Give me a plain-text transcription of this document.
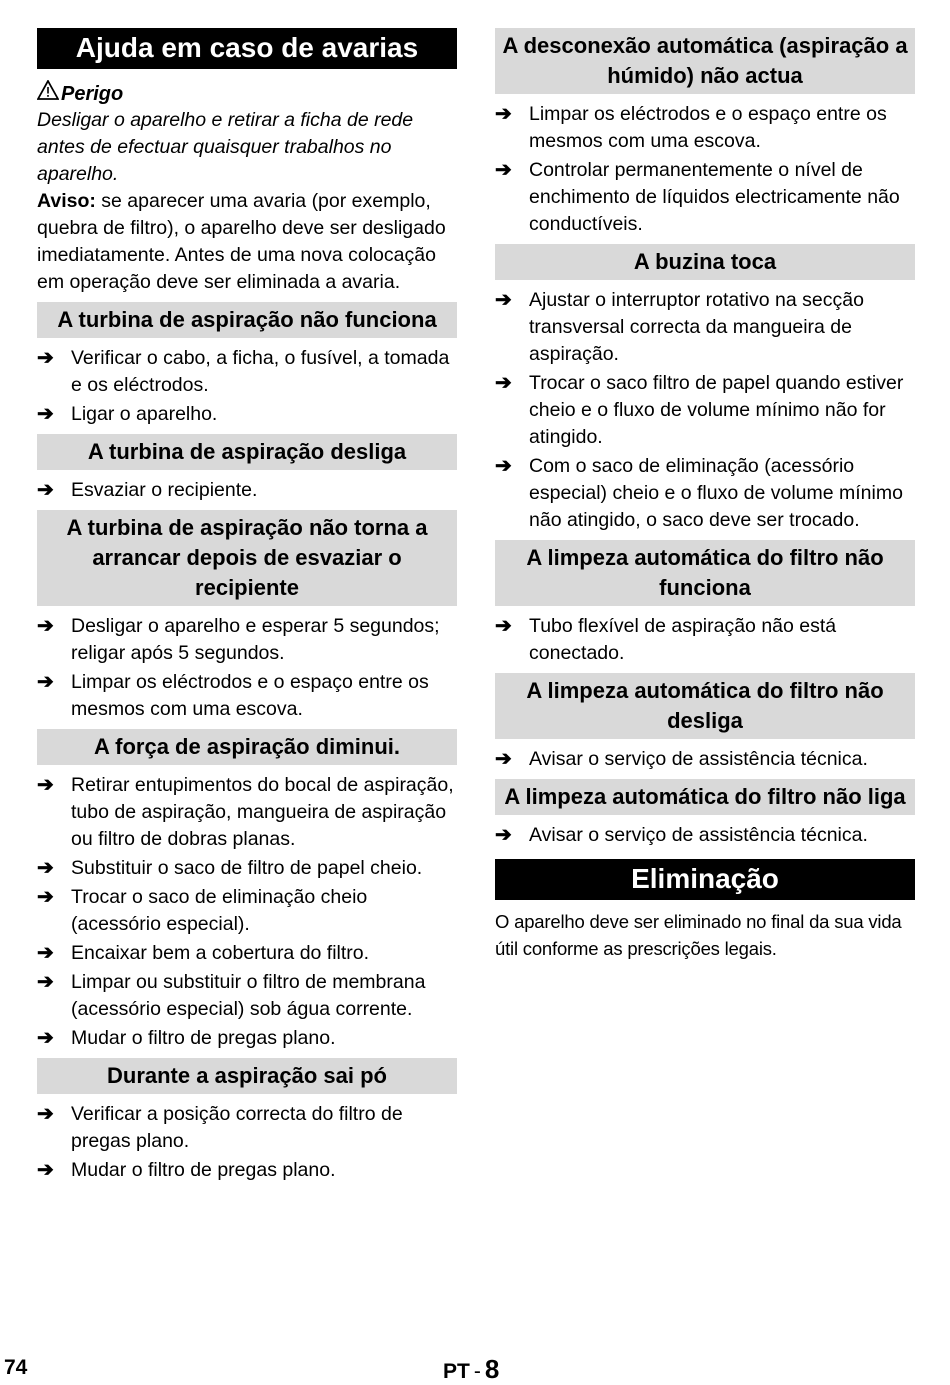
Ajuda em caso de avarias
Perigo
Desligar o aparelho e retirar a ficha de rede antes de efectuar quaisquer trabalhos no aparelho.
Aviso: se aparecer uma avaria (por exemplo, quebra de filtro), o aparelho deve ser desligado imediatamente. Antes de uma nova colocação em operação deve ser eliminada a avaria.
A turbina de aspiração não funciona
➔ Verificar o cabo, a ficha, o fusível, a tomada e os eléctrodos.
➔ Ligar o aparelho.
A turbina de aspiração desliga
➔ Esvaziar o recipiente.
A turbina de aspiração não torna a arrancar depois de esvaziar o recipiente
➔ Desligar o aparelho e esperar 5 segundos; religar após 5 segundos.
➔ Limpar os eléctrodos e o espaço entre os mesmos com uma escova.
A força de aspiração diminui.
➔ Retirar entupimentos do bocal de aspiração, tubo de aspiração, mangueira de aspiração ou filtro de dobras planas.
➔ Substituir o saco de filtro de papel cheio.
➔ Trocar o saco de eliminação cheio (acessório especial).
➔ Encaixar bem a cobertura do filtro.
➔ Limpar ou substituir o filtro de membrana (acessório especial) sob água corrente.
➔ Mudar o filtro de pregas plano.
Durante a aspiração sai pó
➔ Verificar a posição correcta do filtro de pregas plano.
➔ Mudar o filtro de pregas plano.
A desconexão automática (aspiração a húmido) não actua
➔ Limpar os eléctrodos e o espaço entre os mesmos com uma escova.
➔ Controlar permanentemente o nível de enchimento de líquidos electricamente não conductíveis.
A buzina toca
➔ Ajustar o interruptor rotativo na secção transversal correcta da mangueira de aspiração.
➔ Trocar o saco filtro de papel quando estiver cheio e o fluxo de volume mínimo não for atingido.
➔ Com o saco de eliminação (acessório especial) cheio e o fluxo de volume mínimo não atingido, o saco deve ser trocado.
A limpeza automática do filtro não funciona
➔ Tubo flexível de aspiração não está conectado.
A limpeza automática do filtro não desliga
➔ Avisar o serviço de assistência técnica.
A limpeza automática do filtro não liga
➔ Avisar o serviço de assistência técnica.
Eliminação
O aparelho deve ser eliminado no final da sua vida útil conforme as prescrições legais.
74	PT - 8
